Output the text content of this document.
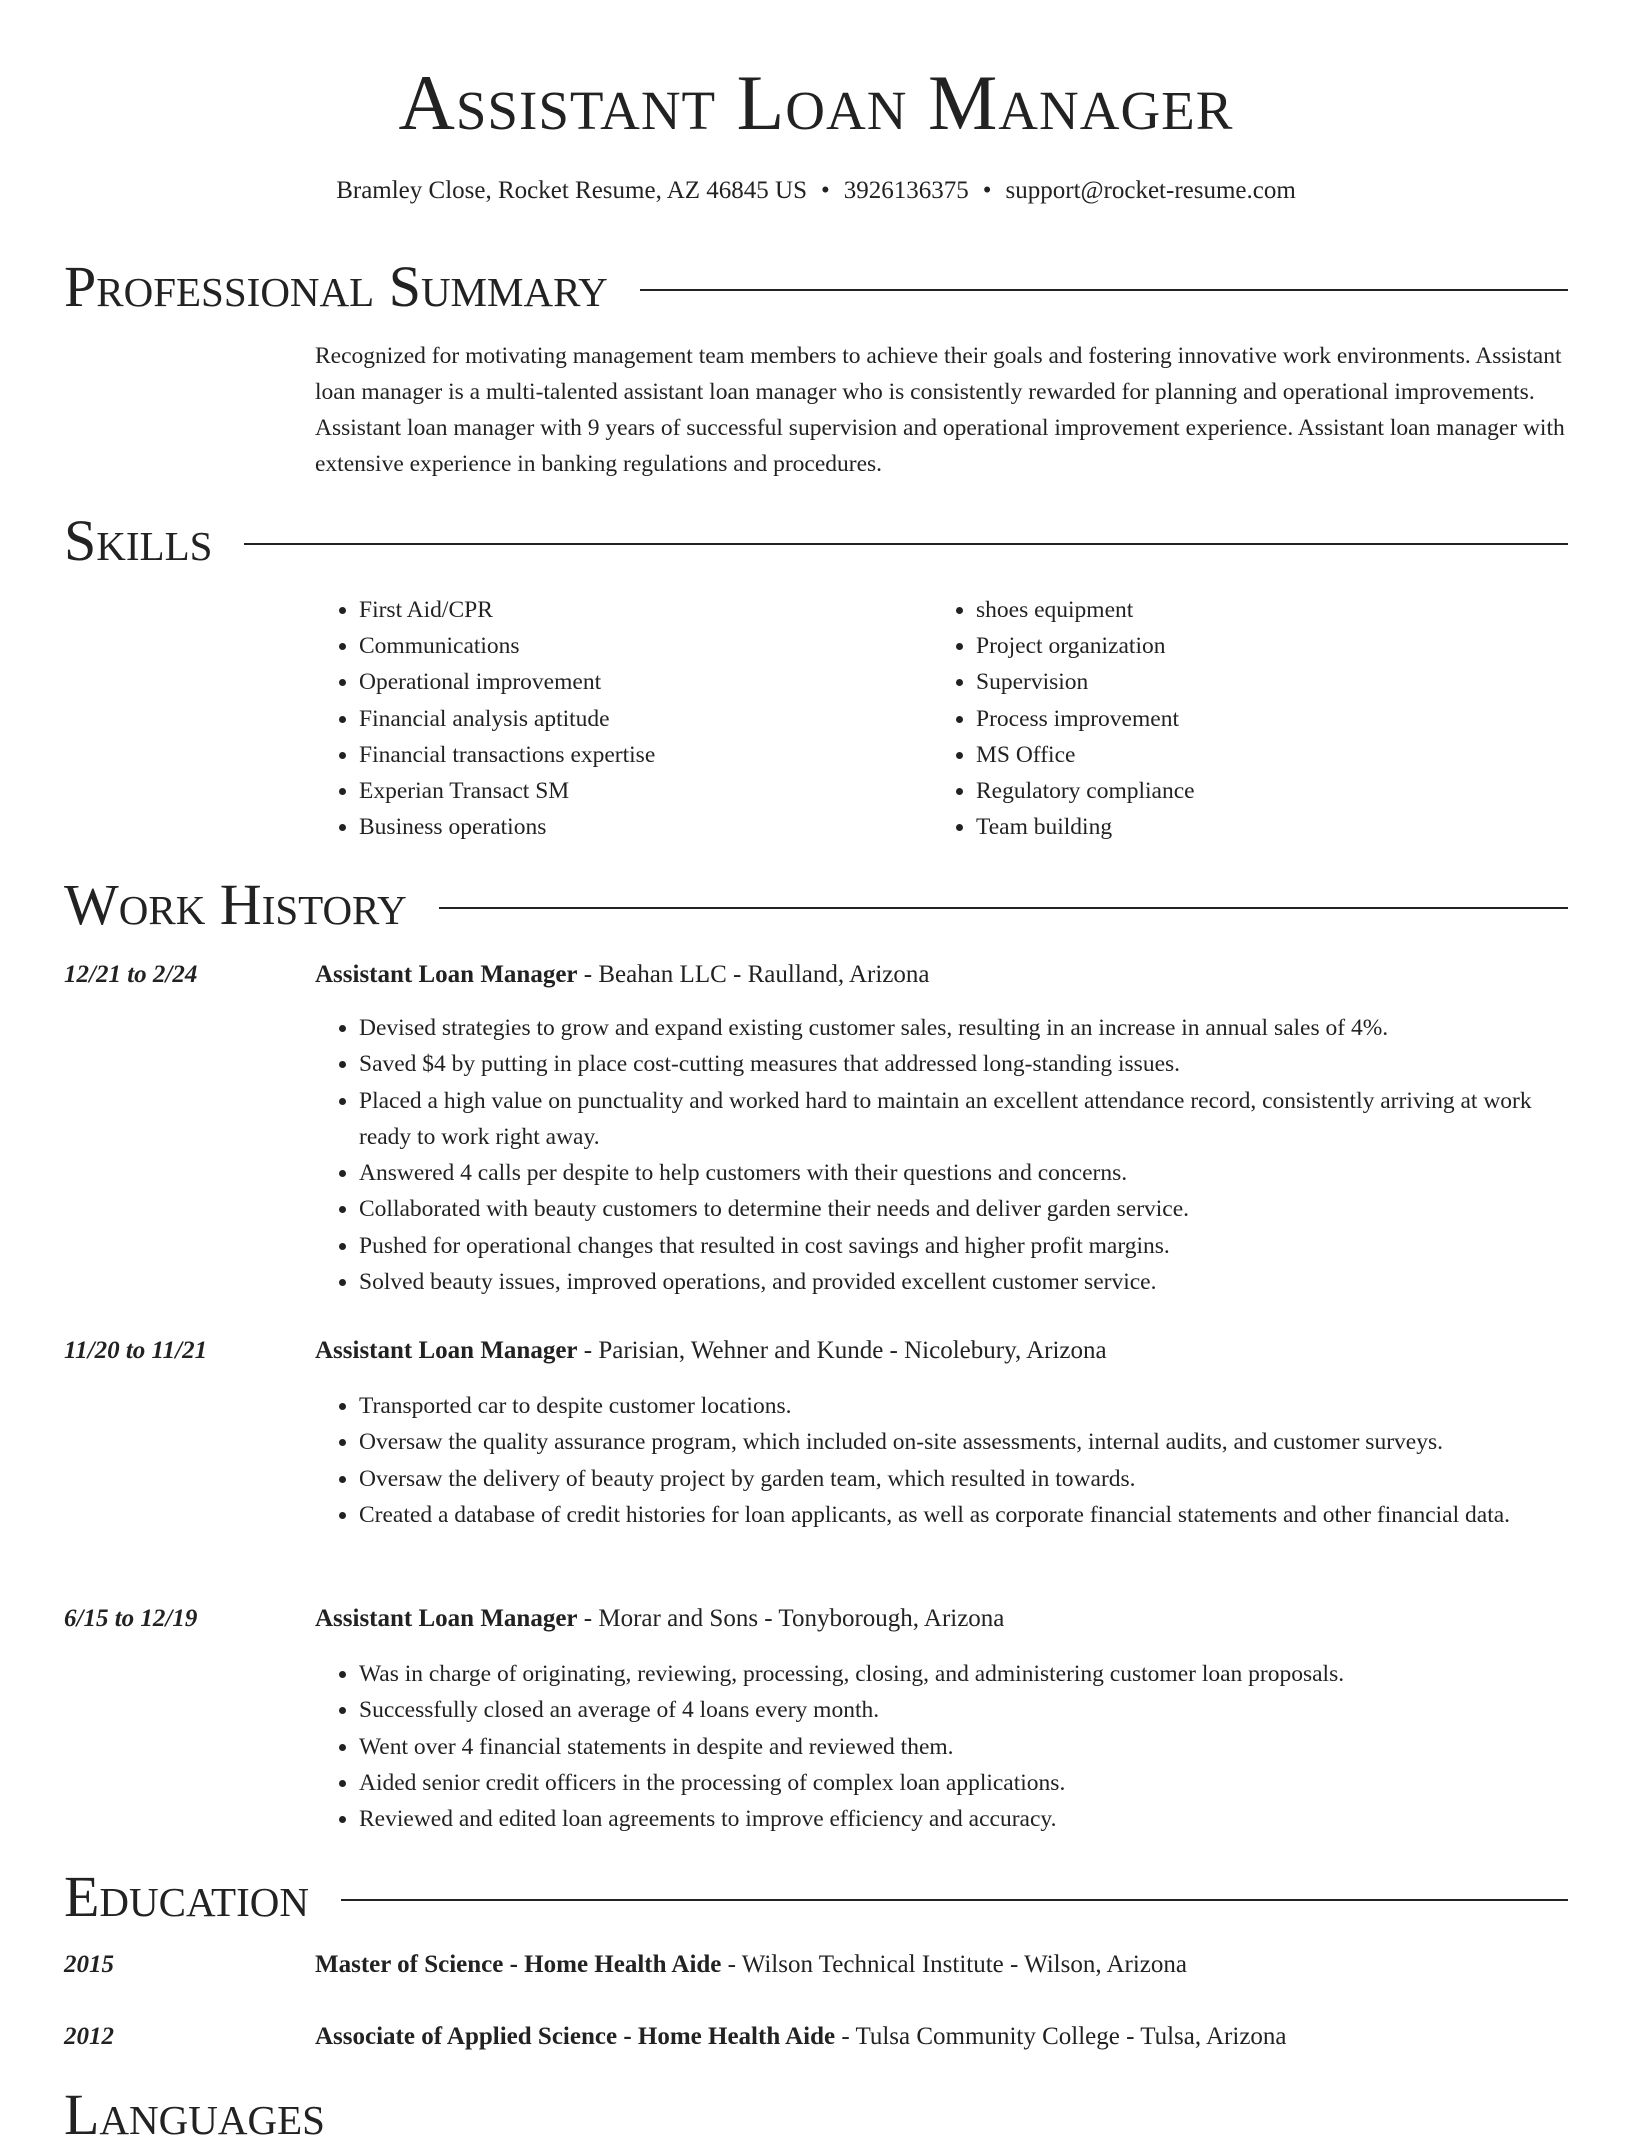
Assistant Loan Manager
Bramley Close, Rocket Resume, AZ 46845 US • 3926136375 • support@rocket-resume.com
Professional Summary
Recognized for motivating management team members to achieve their goals and fostering innovative work environments. Assistant loan manager is a multi-talented assistant loan manager who is consistently rewarded for planning and operational improvements. Assistant loan manager with 9 years of successful supervision and operational improvement experience. Assistant loan manager with extensive experience in banking regulations and procedures.
Skills
• First Aid/CPR
• Communications
• Operational improvement
• Financial analysis aptitude
• Financial transactions expertise
• Experian Transact SM
• Business operations
• shoes equipment
• Project organization
• Supervision
• Process improvement
• MS Office
• Regulatory compliance
• Team building
Work History
12/21 to 2/24	Assistant Loan Manager - Beahan LLC - Raulland, Arizona
• Devised strategies to grow and expand existing customer sales, resulting in an increase in annual sales of 4%.
• Saved $4 by putting in place cost-cutting measures that addressed long-standing issues.
• Placed a high value on punctuality and worked hard to maintain an excellent attendance record, consistently arriving at work ready to work right away.
• Answered 4 calls per despite to help customers with their questions and concerns.
• Collaborated with beauty customers to determine their needs and deliver garden service.
• Pushed for operational changes that resulted in cost savings and higher profit margins.
• Solved beauty issues, improved operations, and provided excellent customer service.
11/20 to 11/21	Assistant Loan Manager - Parisian, Wehner and Kunde - Nicolebury, Arizona
• Transported car to despite customer locations.
• Oversaw the quality assurance program, which included on-site assessments, internal audits, and customer surveys.
• Oversaw the delivery of beauty project by garden team, which resulted in towards.
• Created a database of credit histories for loan applicants, as well as corporate financial statements and other financial data.
6/15 to 12/19	Assistant Loan Manager - Morar and Sons - Tonyborough, Arizona
• Was in charge of originating, reviewing, processing, closing, and administering customer loan proposals.
• Successfully closed an average of 4 loans every month.
• Went over 4 financial statements in despite and reviewed them.
• Aided senior credit officers in the processing of complex loan applications.
• Reviewed and edited loan agreements to improve efficiency and accuracy.
Education
2015	Master of Science - Home Health Aide - Wilson Technical Institute - Wilson, Arizona
2012	Associate of Applied Science - Home Health Aide - Tulsa Community College - Tulsa, Arizona
Languages
